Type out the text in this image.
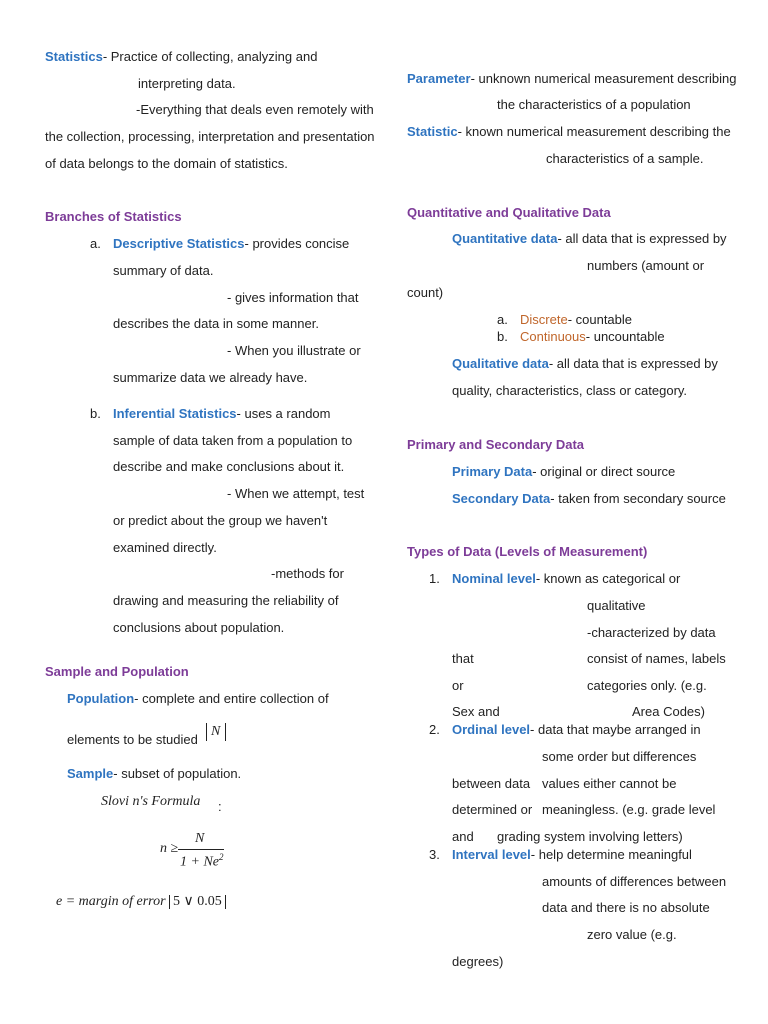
Statistics- Practice of collecting, analyzing and
interpreting data.
-Everything that deals even remotely with
the collection, processing, interpretation and presentation
of data belongs to the domain of statistics.
Branches of Statistics
a. Descriptive Statistics- provides concise
summary of data.
- gives information that
describes the data in some manner.
- When you illustrate or
summarize data we already have.
b. Inferential Statistics- uses a random
sample of data taken from a population to
describe and make conclusions about it.
- When we attempt, test
or predict about the group we haven't
examined directly.
-methods for
drawing and measuring the reliability of
conclusions about population.
Sample and Population
Population- complete and entire collection of
elements to be studied
N
Sample- subset of population.
Slovi n's Formula :
n ≥
N
$1 + Ne^2$
e = margin of error 5 ∨ 0.05
Parameter- unknown numerical measurement describing
the characteristics of a population
Statistic- known numerical measurement describing the
characteristics of a sample.
Quantitative and Qualitative Data
Quantitative data- all data that is expressed by
numbers (amount or
count)
a. Discrete- countable
b. Continuous- uncountable
Qualitative data- all data that is expressed by
quality, characteristics, class or category.
Primary and Secondary Data
Primary Data- original or direct source
Secondary Data- taken from secondary source
Types of Data (Levels of Measurement)
1. Nominal level- known as categorical or
qualitative
-characterized by data
that	consist of names, labels
or	categories only. (e.g.
Sex and	Area Codes)
2. Ordinal level- data that maybe arranged in
some order but differences
between data values either cannot be
determined or meaningless. (e.g. grade level
and grading system involving letters)
3. Interval level- help determine meaningful
amounts of differences between
data and there is no absolute
zero value (e.g.
degrees)
